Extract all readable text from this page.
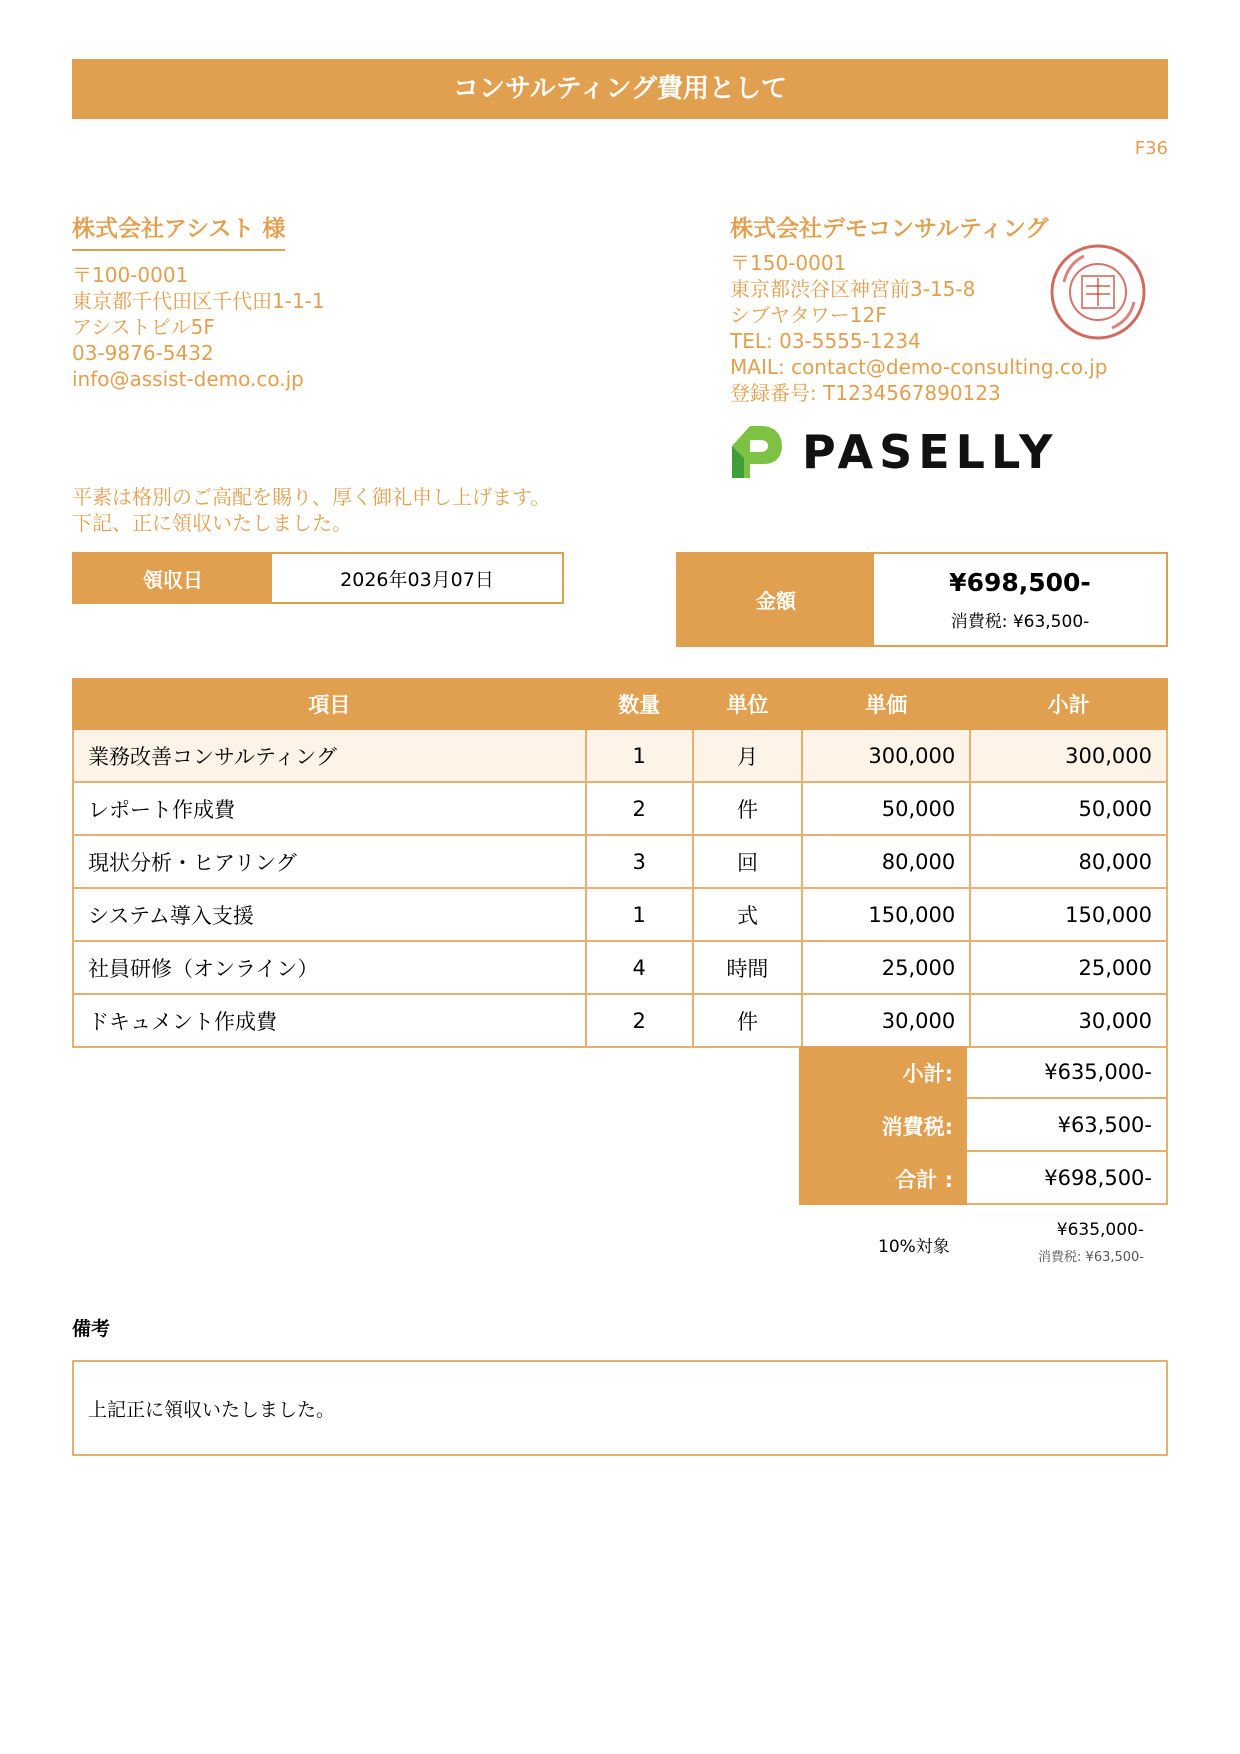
コンサルティング費用として
F36
株式会社アシスト 様
〒100-0001
東京都千代田区千代田1-1-1
アシストビル5F
03-9876-5432
info@assist-demo.co.jp
株式会社デモコンサルティング
〒150-0001
東京都渋谷区神宮前3-15-8
シブヤタワー12F
TEL: 03-5555-1234
MAIL: contact@demo-consulting.co.jp
登録番号: T1234567890123
PASELLY
平素は格別のご高配を賜り、厚く御礼申し上げます。
下記、正に領収いたしました。
領収日	2026年03月07日
金額
¥698,500-
消費税: ¥63,500-
項目	数量	単位	単価	小計
業務改善コンサルティング	1	月	300,000	300,000
レポート作成費	2	件	50,000	50,000
現状分析・ヒアリング	3	回	80,000	80,000
システム導入支援	1	式	150,000	150,000
社員研修（オンライン）	4	時間	25,000	25,000
ドキュメント作成費	2	件	30,000	30,000
小計:	¥635,000-
消費税:	¥63,500-
合計 :	¥698,500-
10%対象
¥635,000-
消費税: ¥63,500-
備考
上記正に領収いたしました。
